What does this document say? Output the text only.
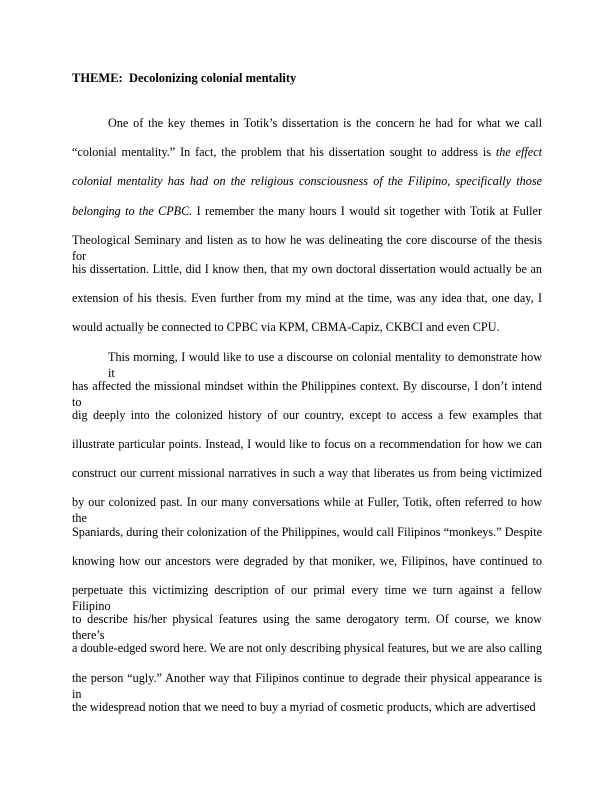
THEME:  Decolonizing colonial mentality
One of the key themes in Totik’s dissertation is the concern he had for what we call
“colonial mentality.” In fact, the problem that his dissertation sought to address is the effect
colonial mentality has had on the religious consciousness of the Filipino, specifically those
belonging to the CPBC. I remember the many hours I would sit together with Totik at Fuller
Theological Seminary and listen as to how he was delineating the core discourse of the thesis for
his dissertation. Little, did I know then, that my own doctoral dissertation would actually be an
extension of his thesis. Even further from my mind at the time, was any idea that, one day, I
would actually be connected to CPBC via KPM, CBMA-Capiz, CKBCI and even CPU.
This morning, I would like to use a discourse on colonial mentality to demonstrate how it
has affected the missional mindset within the Philippines context. By discourse, I don’t intend to
dig deeply into the colonized history of our country, except to access a few examples that
illustrate particular points. Instead, I would like to focus on a recommendation for how we can
construct our current missional narratives in such a way that liberates us from being victimized
by our colonized past. In our many conversations while at Fuller, Totik, often referred to how the
Spaniards, during their colonization of the Philippines, would call Filipinos “monkeys.” Despite
knowing how our ancestors were degraded by that moniker, we, Filipinos, have continued to
perpetuate this victimizing description of our primal every time we turn against a fellow Filipino
to describe his/her physical features using the same derogatory term. Of course, we know there’s
a double-edged sword here. We are not only describing physical features, but we are also calling
the person “ugly.” Another way that Filipinos continue to degrade their physical appearance is in
the widespread notion that we need to buy a myriad of cosmetic products, which are advertised
